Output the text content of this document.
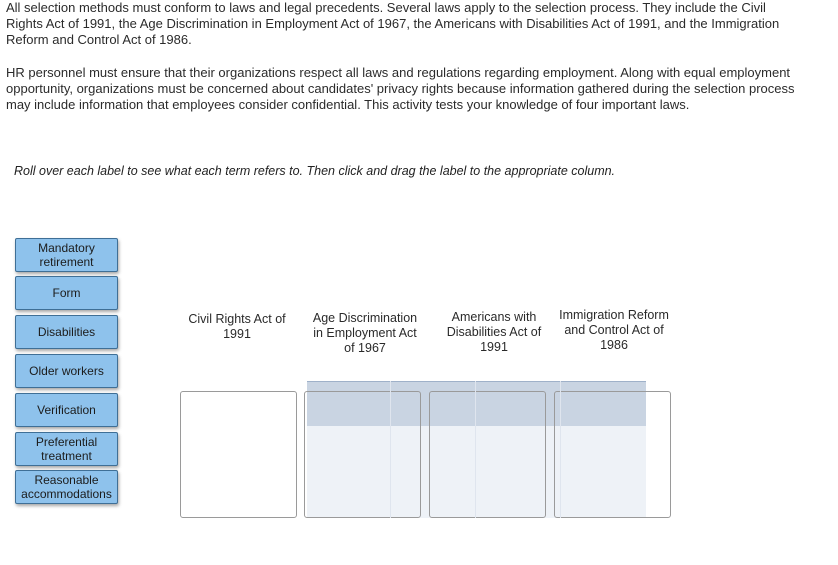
All selection methods must conform to laws and legal precedents. Several laws apply to the selection process. They include the Civil Rights Act of 1991, the Age Discrimination in Employment Act of 1967, the Americans with Disabilities Act of 1991, and the Immigration Reform and Control Act of 1986.

HR personnel must ensure that their organizations respect all laws and regulations regarding employment. Along with equal employment opportunity, organizations must be concerned about candidates' privacy rights because information gathered during the selection process may include information that employees consider confidential. This activity tests your knowledge of four important laws.

Roll over each label to see what each term refers to. Then click and drag the label to the appropriate column.

Mandatory retirement
Form
Disabilities
Older workers
Verification
Preferential treatment
Reasonable accommodations
Civil Rights Act of 1991
Age Discrimination in Employment Act of 1967
Americans with Disabilities Act of 1991
Immigration Reform and Control Act of 1986
